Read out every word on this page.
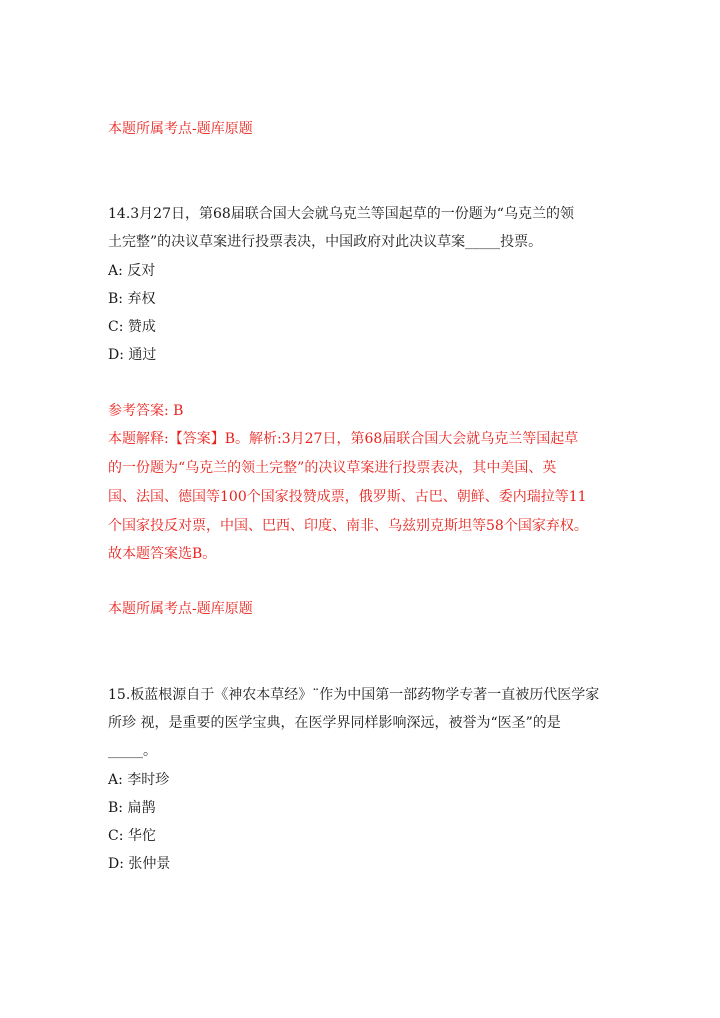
本题所属考点-题库原题
14.3月27日，第68届联合国大会就乌克兰等国起草的一份题为“乌克兰的领
土完整”的决议草案进行投票表决，中国政府对此决议草案_____投票。
A: 反对
B: 弃权
C: 赞成
D: 通过
参考答案: B
本题解释:【答案】B。解析:3月27日，第68届联合国大会就乌克兰等国起草
的一份题为“乌克兰的领土完整”的决议草案进行投票表决，其中美国、英
国、法国、德国等100个国家投赞成票，俄罗斯、古巴、朝鲜、委内瑞拉等11
个国家投反对票，中国、巴西、印度、南非、乌兹别克斯坦等58个国家弃权。
故本题答案选B。
本题所属考点-题库原题
15.板蓝根源自于《神农本草经》¨作为中国第一部药物学专著一直被历代医学家
所珍 视，是重要的医学宝典，在医学界同样影响深远，被誉为“医圣”的是
_____。
A: 李时珍
B: 扁鹊
C: 华佗
D: 张仲景
